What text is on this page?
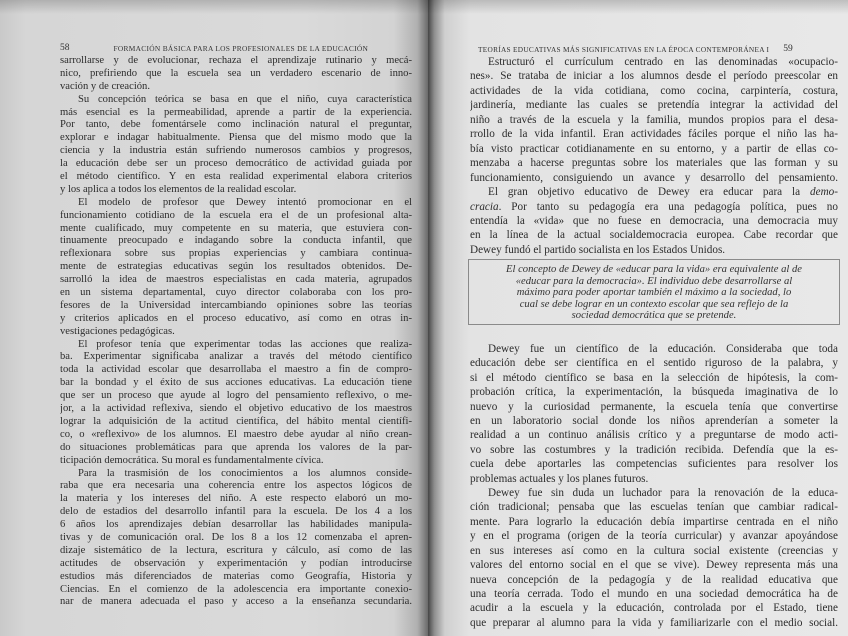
58	FORMACIÓN BÁSICA PARA LOS PROFESIONALES DE LA EDUCACIÓN
sarrollarse y de evolucionar, rechaza el aprendizaje rutinario y mecá-
nico, prefiriendo que la escuela sea un verdadero escenario de inno-
vación y de creación.
Su concepción teórica se basa en que el niño, cuya característica
más esencial es la permeabilidad, aprende a partir de la experiencia.
Por tanto, debe fomentársele como inclinación natural el preguntar,
explorar e indagar habitualmente. Piensa que del mismo modo que la
ciencia y la industria están sufriendo numerosos cambios y progresos,
la educación debe ser un proceso democrático de actividad guiada por
el método científico. Y en esta realidad experimental elabora criterios
y los aplica a todos los elementos de la realidad escolar.
El modelo de profesor que Dewey intentó promocionar en el
funcionamiento cotidiano de la escuela era el de un profesional alta-
mente cualificado, muy competente en su materia, que estuviera con-
tinuamente preocupado e indagando sobre la conducta infantil, que
reflexionara sobre sus propias experiencias y cambiara continua-
mente de estrategias educativas según los resultados obtenidos. De-
sarrolló la idea de maestros especialistas en cada materia, agrupados
en un sistema departamental, cuyo director colaboraba con los pro-
fesores de la Universidad intercambiando opiniones sobre las teorías
y criterios aplicados en el proceso educativo, así como en otras in-
vestigaciones pedagógicas.
El profesor tenía que experimentar todas las acciones que realiza-
ba. Experimentar significaba analizar a través del método científico
toda la actividad escolar que desarrollaba el maestro a fin de compro-
bar la bondad y el éxito de sus acciones educativas. La educación tiene
que ser un proceso que ayude al logro del pensamiento reflexivo, o me-
jor, a la actividad reflexiva, siendo el objetivo educativo de los maestros
lograr la adquisición de la actitud científica, del hábito mental científi-
co, o «reflexivo» de los alumnos. El maestro debe ayudar al niño crean-
do situaciones problemáticas para que aprenda los valores de la par-
ticipación democrática. Su moral es fundamentalmente cívica.
Para la trasmisión de los conocimientos a los alumnos conside-
raba que era necesaria una coherencia entre los aspectos lógicos de
la materia y los intereses del niño. A este respecto elaboró un mo-
delo de estadios del desarrollo infantil para la escuela. De los 4 a los
6 años los aprendizajes debían desarrollar las habilidades manipula-
tivas y de comunicación oral. De los 8 a los 12 comenzaba el apren-
dizaje sistemático de la lectura, escritura y cálculo, así como de las
actitudes de observación y experimentación y podían introducirse
estudios más diferenciados de materias como Geografía, Historia y
Ciencias. En el comienzo de la adolescencia era importante conexio-
nar de manera adecuada el paso y acceso a la enseñanza secundaria.
TEORÍAS EDUCATIVAS MÁS SIGNIFICATIVAS EN LA ÉPOCA CONTEMPORÁNEA I 59
Estructuró el currículum centrado en las denominadas «ocupacio-
nes». Se trataba de iniciar a los alumnos desde el período preescolar en
actividades de la vida cotidiana, como cocina, carpintería, costura,
jardinería, mediante las cuales se pretendía integrar la actividad del
niño a través de la escuela y la familia, mundos propios para el desa-
rrollo de la vida infantil. Eran actividades fáciles porque el niño las ha-
bía visto practicar cotidianamente en su entorno, y a partir de ellas co-
menzaba a hacerse preguntas sobre los materiales que las forman y su
funcionamiento, consiguiendo un avance y desarrollo del pensamiento.
El gran objetivo educativo de Dewey era educar para la demo-
cracia. Por tanto su pedagogía era una pedagogía política, pues no
entendía la «vida» que no fuese en democracia, una democracia muy
en la línea de la actual socialdemocracia europea. Cabe recordar que
Dewey fundó el partido socialista en los Estados Unidos.
El concepto de Dewey de «educar para la vida» era equivalente al de
«educar para la democracia». El individuo debe desarrollarse al
máximo para poder aportar también el máximo a la sociedad, lo
cual se debe lograr en un contexto escolar que sea reflejo de la
sociedad democrática que se pretende.
Dewey fue un científico de la educación. Consideraba que toda
educación debe ser científica en el sentido riguroso de la palabra, y
si el método científico se basa en la selección de hipótesis, la com-
probación crítica, la experimentación, la búsqueda imaginativa de lo
nuevo y la curiosidad permanente, la escuela tenía que convertirse
en un laboratorio social donde los niños aprenderían a someter la
realidad a un continuo análisis crítico y a preguntarse de modo acti-
vo sobre las costumbres y la tradición recibida. Defendía que la es-
cuela debe aportarles las competencias suficientes para resolver los
problemas actuales y los planes futuros.
Dewey fue sin duda un luchador para la renovación de la educa-
ción tradicional; pensaba que las escuelas tenían que cambiar radical-
mente. Para lograrlo la educación debía impartirse centrada en el niño
y en el programa (origen de la teoría curricular) y avanzar apoyándose
en sus intereses así como en la cultura social existente (creencias y
valores del entorno social en el que se vive). Dewey representa más una
nueva concepción de la pedagogía y de la realidad educativa que
una teoría cerrada. Todo el mundo en una sociedad democrática ha de
acudir a la escuela y la educación, controlada por el Estado, tiene
que preparar al alumno para la vida y familiarizarle con el medio social.
